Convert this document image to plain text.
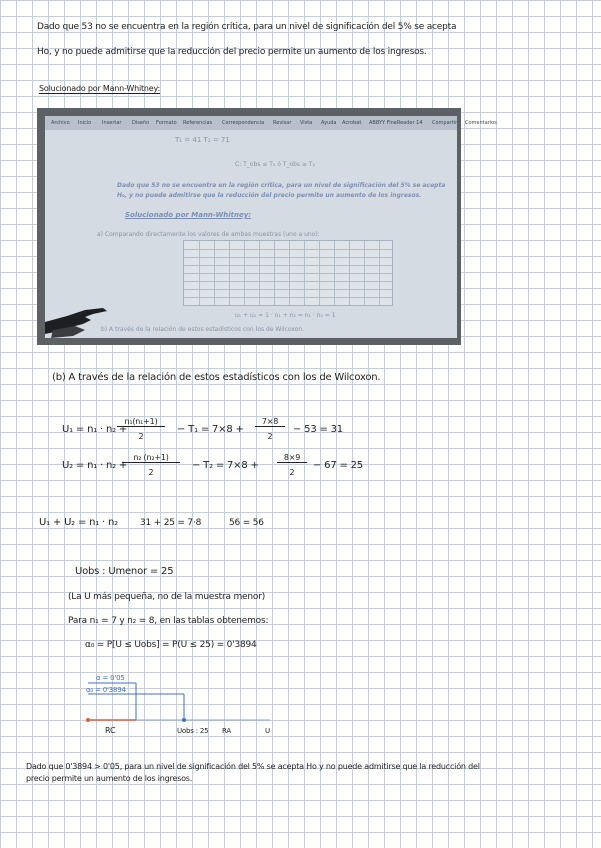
Dado que 53 no se encuentra en la región crítica, para un nivel de significación del 5% se acepta
Ho, y no puede admitirse que la reducción del precio permite un aumento de los ingresos.
Solucionado por Mann-Whitney:
Archivo Inicio Insertar Diseño Formato Referencias Correspondencia Revisar Vista Ayuda Acrobat ABBYY FineReader 14 Compartir Comentarios
T₁ = 41 T₂ = 71
C: T_obs ≤ T₁ ó T_obs ≥ T₂
Dado que 53 no se encuentra en la región crítica, para un nivel de significación del 5% se acepta
H₀, y no puede admitirse que la reducción del precio permite un aumento de los ingresos.
Solucionado por Mann-Whitney:
a) Comparando directamente los valores de ambas muestras (uno a uno):
u₁ + u₂ = 1 · n₁ + n₂ = n₁ · n₂ = 1
b) A través de la relación de estos estadísticos con los de Wilcoxon.
(b) A través de la relación de estos estadísticos con los de Wilcoxon.
U₁ = n₁ · n₂ +
n₁(n₁+1)
2
− T₁ = 7×8 +
7×8
2
− 53 = 31
U₂ = n₁ · n₂ +
n₂ (n₂+1)
2
− T₂ = 7×8 +
8×9
2
− 67 = 25
U₁ + U₂ = n₁ · n₂ 31 + 25 = 7·8	56 = 56
Uobs : Umenor = 25
(La U más pequeña, no de la muestra menor)
Para n₁ = 7 y n₂ = 8, en las tablas obtenemos:
α₀ = P[U ≤ Uobs] = P(U ≤ 25) = 0'3894
α = 0'05
α₀ = 0'3894
RC	Uobs : 25 RA	U
Dado que 0'3894 > 0'05, para un nivel de significación del 5% se acepta Ho y no puede admitirse que la reducción del
precio permite un aumento de los ingresos.
